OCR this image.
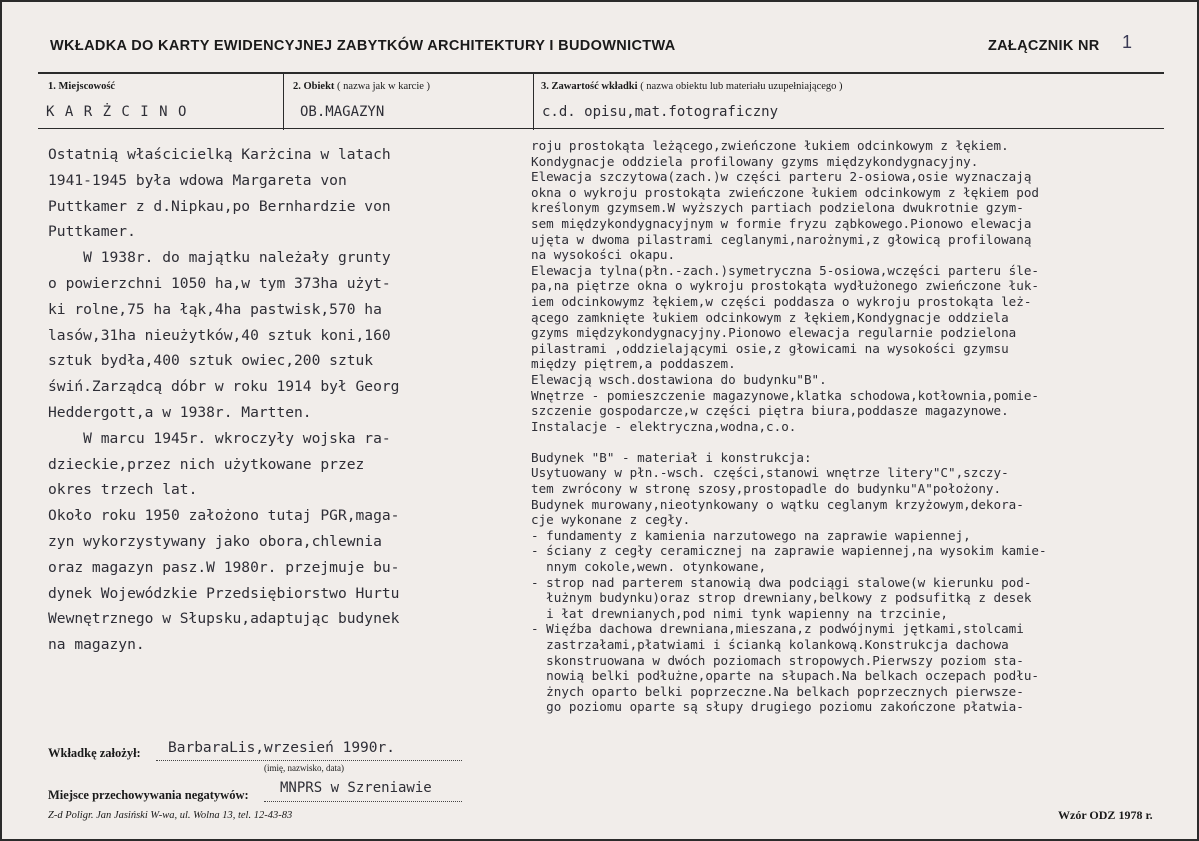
WKŁADKA DO KARTY EWIDENCYJNEJ ZABYTKÓW ARCHITEKTURY I BUDOWNICTWA	ZAŁĄCZNIK NR 1
1. Miejscowość	2. Obiekt ( nazwa jak w karcie )	3. Zawartość wkładki ( nazwa obiektu lub materiału uzupełniającego )
K A R Ż C I N O	OB.MAGAZYN	c.d. opisu,mat.fotograficzny
Ostatnią właścicielką Karżcina w latach
1941-1945 była wdowa Margareta von
Puttkamer z d.Nipkau,po Bernhardzie von
Puttkamer.
W 1938r. do majątku należały grunty
o powierzchni 1050 ha,w tym 373ha użyt-
ki rolne,75 ha łąk,4ha pastwisk,570 ha
lasów,31ha nieużytków,40 sztuk koni,160
sztuk bydła,400 sztuk owiec,200 sztuk
świń.Zarządcą dóbr w roku 1914 był Georg
Heddergott,a w 1938r. Martten.
W marcu 1945r. wkroczyły wojska ra-
dzieckie,przez nich użytkowane przez
okres trzech lat.
Około roku 1950 założono tutaj PGR,maga-
zyn wykorzystywany jako obora,chlewnia
oraz magazyn pasz.W 1980r. przejmuje bu-
dynek Wojewódzkie Przedsiębiorstwo Hurtu
Wewnętrznego w Słupsku,adaptując budynek
na magazyn.
roju prostokąta leżącego,zwieńczone łukiem odcinkowym z łękiem.
Kondygnacje oddziela profilowany gzyms międzykondygnacyjny.
Elewacja szczytowa(zach.)w części parteru 2-osiowa,osie wyznaczają
okna o wykroju prostokąta zwieńczone łukiem odcinkowym z łękiem pod
kreślonym gzymsem.W wyższych partiach podzielona dwukrotnie gzym-
sem międzykondygnacyjnym w formie fryzu ząbkowego.Pionowo elewacja
ujęta w dwoma pilastrami ceglanymi,narożnymi,z głowicą profilowaną
na wysokości okapu.
Elewacja tylna(płn.-zach.)symetryczna 5-osiowa,wczęści parteru śle-
pa,na piętrze okna o wykroju prostokąta wydłużonego zwieńczone łuk-
iem odcinkowymz łękiem,w części poddasza o wykroju prostokąta leż-
ącego zamknięte łukiem odcinkowym z łękiem,Kondygnacje oddziela
gzyms międzykondygnacyjny.Pionowo elewacja regularnie podzielona
pilastrami ,oddzielającymi osie,z głowicami na wysokości gzymsu
między piętrem,a poddaszem.
Elewacją wsch.dostawiona do budynku"B".
Wnętrze - pomieszczenie magazynowe,klatka schodowa,kotłownia,pomie-
szczenie gospodarcze,w części piętra biura,poddasze magazynowe.
Instalacje - elektryczna,wodna,c.o.

Budynek "B" - materiał i konstrukcja:
Usytuowany w płn.-wsch. części,stanowi wnętrze litery"C",szczy-
tem zwrócony w stronę szosy,prostopadle do budynku"A"położony.
Budynek murowany,nieotynkowany o wątku ceglanym krzyżowym,dekora-
cje wykonane z cegły.
- fundamenty z kamienia narzutowego na zaprawie wapiennej,
- ściany z cegły ceramicznej na zaprawie wapiennej,na wysokim kamie-
nnym cokole,wewn. otynkowane,
- strop nad parterem stanowią dwa podciągi stalowe(w kierunku pod-
łużnym budynku)oraz strop drewniany,belkowy z podsufitką z desek
i łat drewnianych,pod nimi tynk wapienny na trzcinie,
- Więźba dachowa drewniana,mieszana,z podwójnymi jętkami,stolcami
zastrzałami,płatwiami i ścianką kolankową.Konstrukcja dachowa
skonstruowana w dwóch poziomach stropowych.Pierwszy poziom sta-
nowią belki podłużne,oparte na słupach.Na belkach oczepach podłu-
żnych oparto belki poprzeczne.Na belkach poprzecznych pierwsze-
go poziomu oparte są słupy drugiego poziomu zakończone płatwia-
Wkładkę założył: BarbaraLis,wrzesień 1990r.
(imię, nazwisko, data)
Miejsce przechowywania negatywów: MNPRS w Szreniawie
Z-d Poligr. Jan Jasiński W-wa, ul. Wolna 13, tel. 12-43-83	Wzór ODZ 1978 r.
